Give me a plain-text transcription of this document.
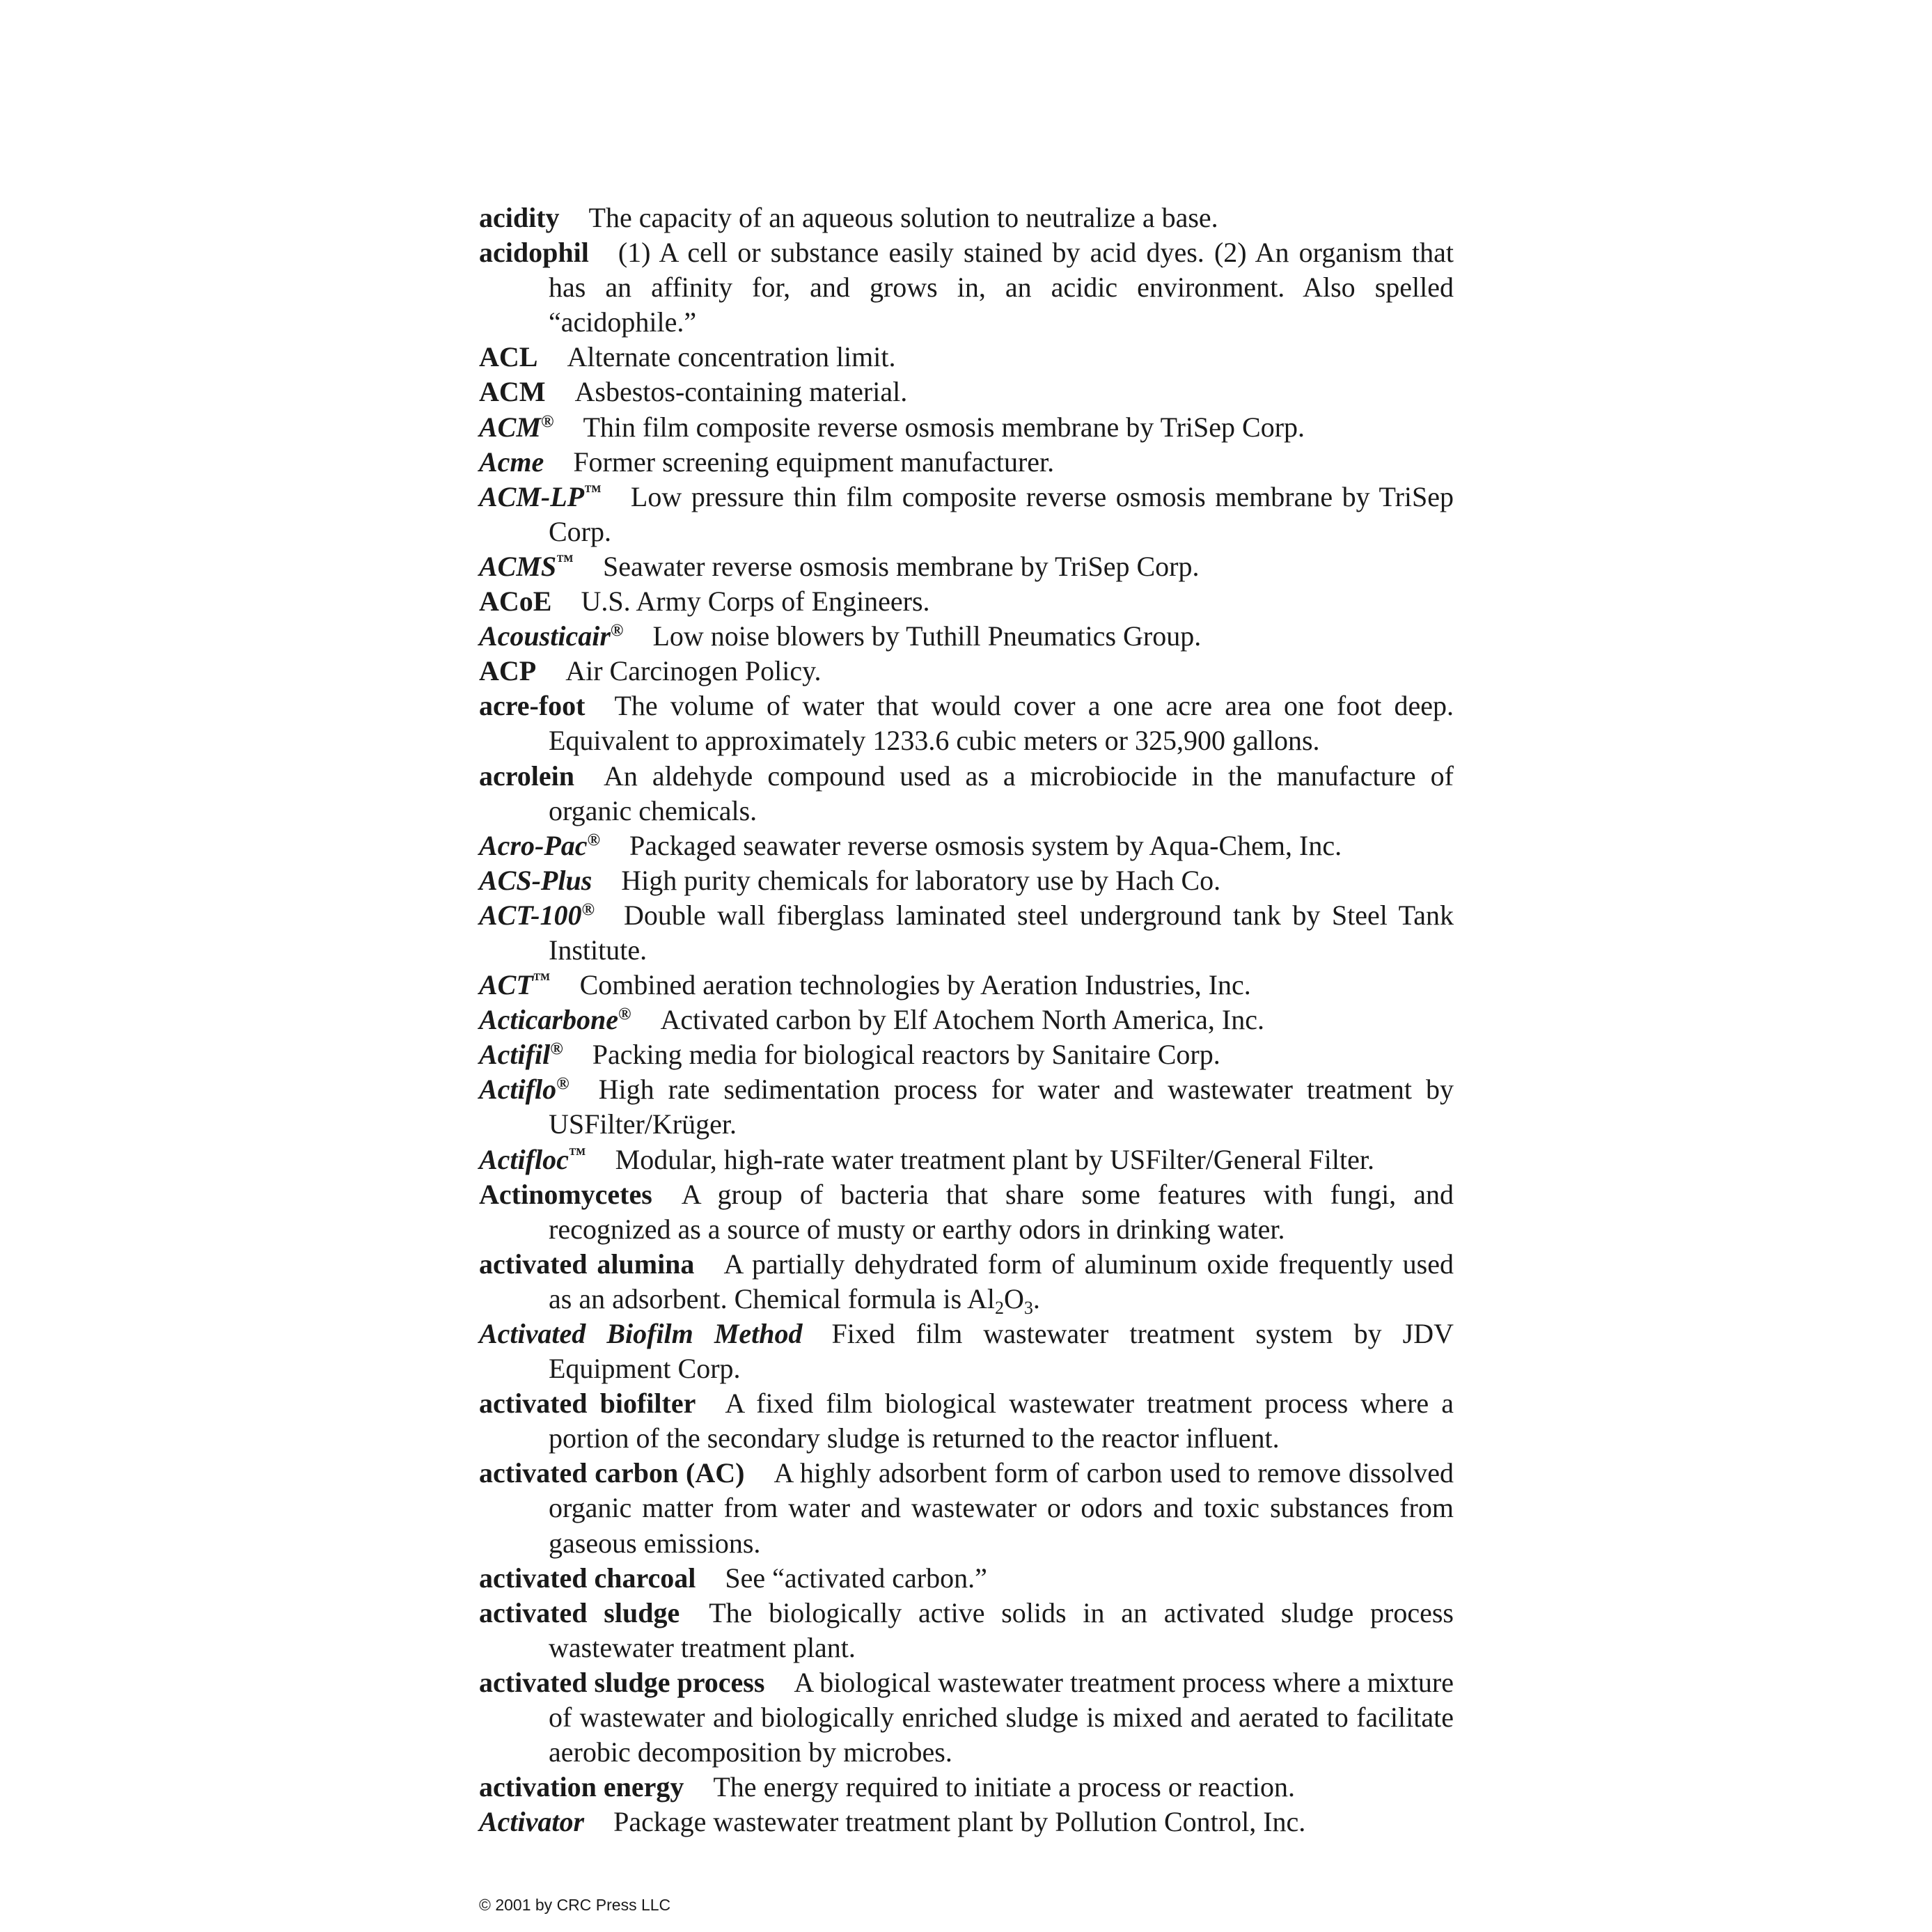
acidity The capacity of an aqueous solution to neutralize a base.
acidophil (1) A cell or substance easily stained by acid dyes. (2) An organism that has an affinity for, and grows in, an acidic environment. Also spelled “acidophile.”
ACL Alternate concentration limit.
ACM Asbestos-containing material.
ACM® Thin film composite reverse osmosis membrane by TriSep Corp.
Acme Former screening equipment manufacturer.
ACM-LP™ Low pressure thin film composite reverse osmosis membrane by TriSep Corp.
ACMS™ Seawater reverse osmosis membrane by TriSep Corp.
ACoE U.S. Army Corps of Engineers.
Acousticair® Low noise blowers by Tuthill Pneumatics Group.
ACP Air Carcinogen Policy.
acre-foot The volume of water that would cover a one acre area one foot deep. Equivalent to approximately 1233.6 cubic meters or 325,900 gallons.
acrolein An aldehyde compound used as a microbiocide in the manufacture of organic chemicals.
Acro-Pac® Packaged seawater reverse osmosis system by Aqua-Chem, Inc.
ACS-Plus High purity chemicals for laboratory use by Hach Co.
ACT-100® Double wall fiberglass laminated steel underground tank by Steel Tank Institute.
ACT™ Combined aeration technologies by Aeration Industries, Inc.
Acticarbone® Activated carbon by Elf Atochem North America, Inc.
Actifil® Packing media for biological reactors by Sanitaire Corp.
Actiflo® High rate sedimentation process for water and wastewater treatment by USFilter/Krüger.
Actifloc™ Modular, high-rate water treatment plant by USFilter/General Filter.
Actinomycetes A group of bacteria that share some features with fungi, and recognized as a source of musty or earthy odors in drinking water.
activated alumina A partially dehydrated form of aluminum oxide frequently used as an adsorbent. Chemical formula is $Al_2O_3$.
Activated Biofilm Method Fixed film wastewater treatment system by JDV Equipment Corp.
activated biofilter A fixed film biological wastewater treatment process where a portion of the secondary sludge is returned to the reactor influent.
activated carbon (AC) A highly adsorbent form of carbon used to remove dissolved organic matter from water and wastewater or odors and toxic substances from gaseous emissions.
activated charcoal See “activated carbon.”
activated sludge The biologically active solids in an activated sludge process wastewater treatment plant.
activated sludge process A biological wastewater treatment process where a mixture of wastewater and biologically enriched sludge is mixed and aerated to facilitate aerobic decomposition by microbes.
activation energy The energy required to initiate a process or reaction.
Activator Package wastewater treatment plant by Pollution Control, Inc.
© 2001 by CRC Press LLC
